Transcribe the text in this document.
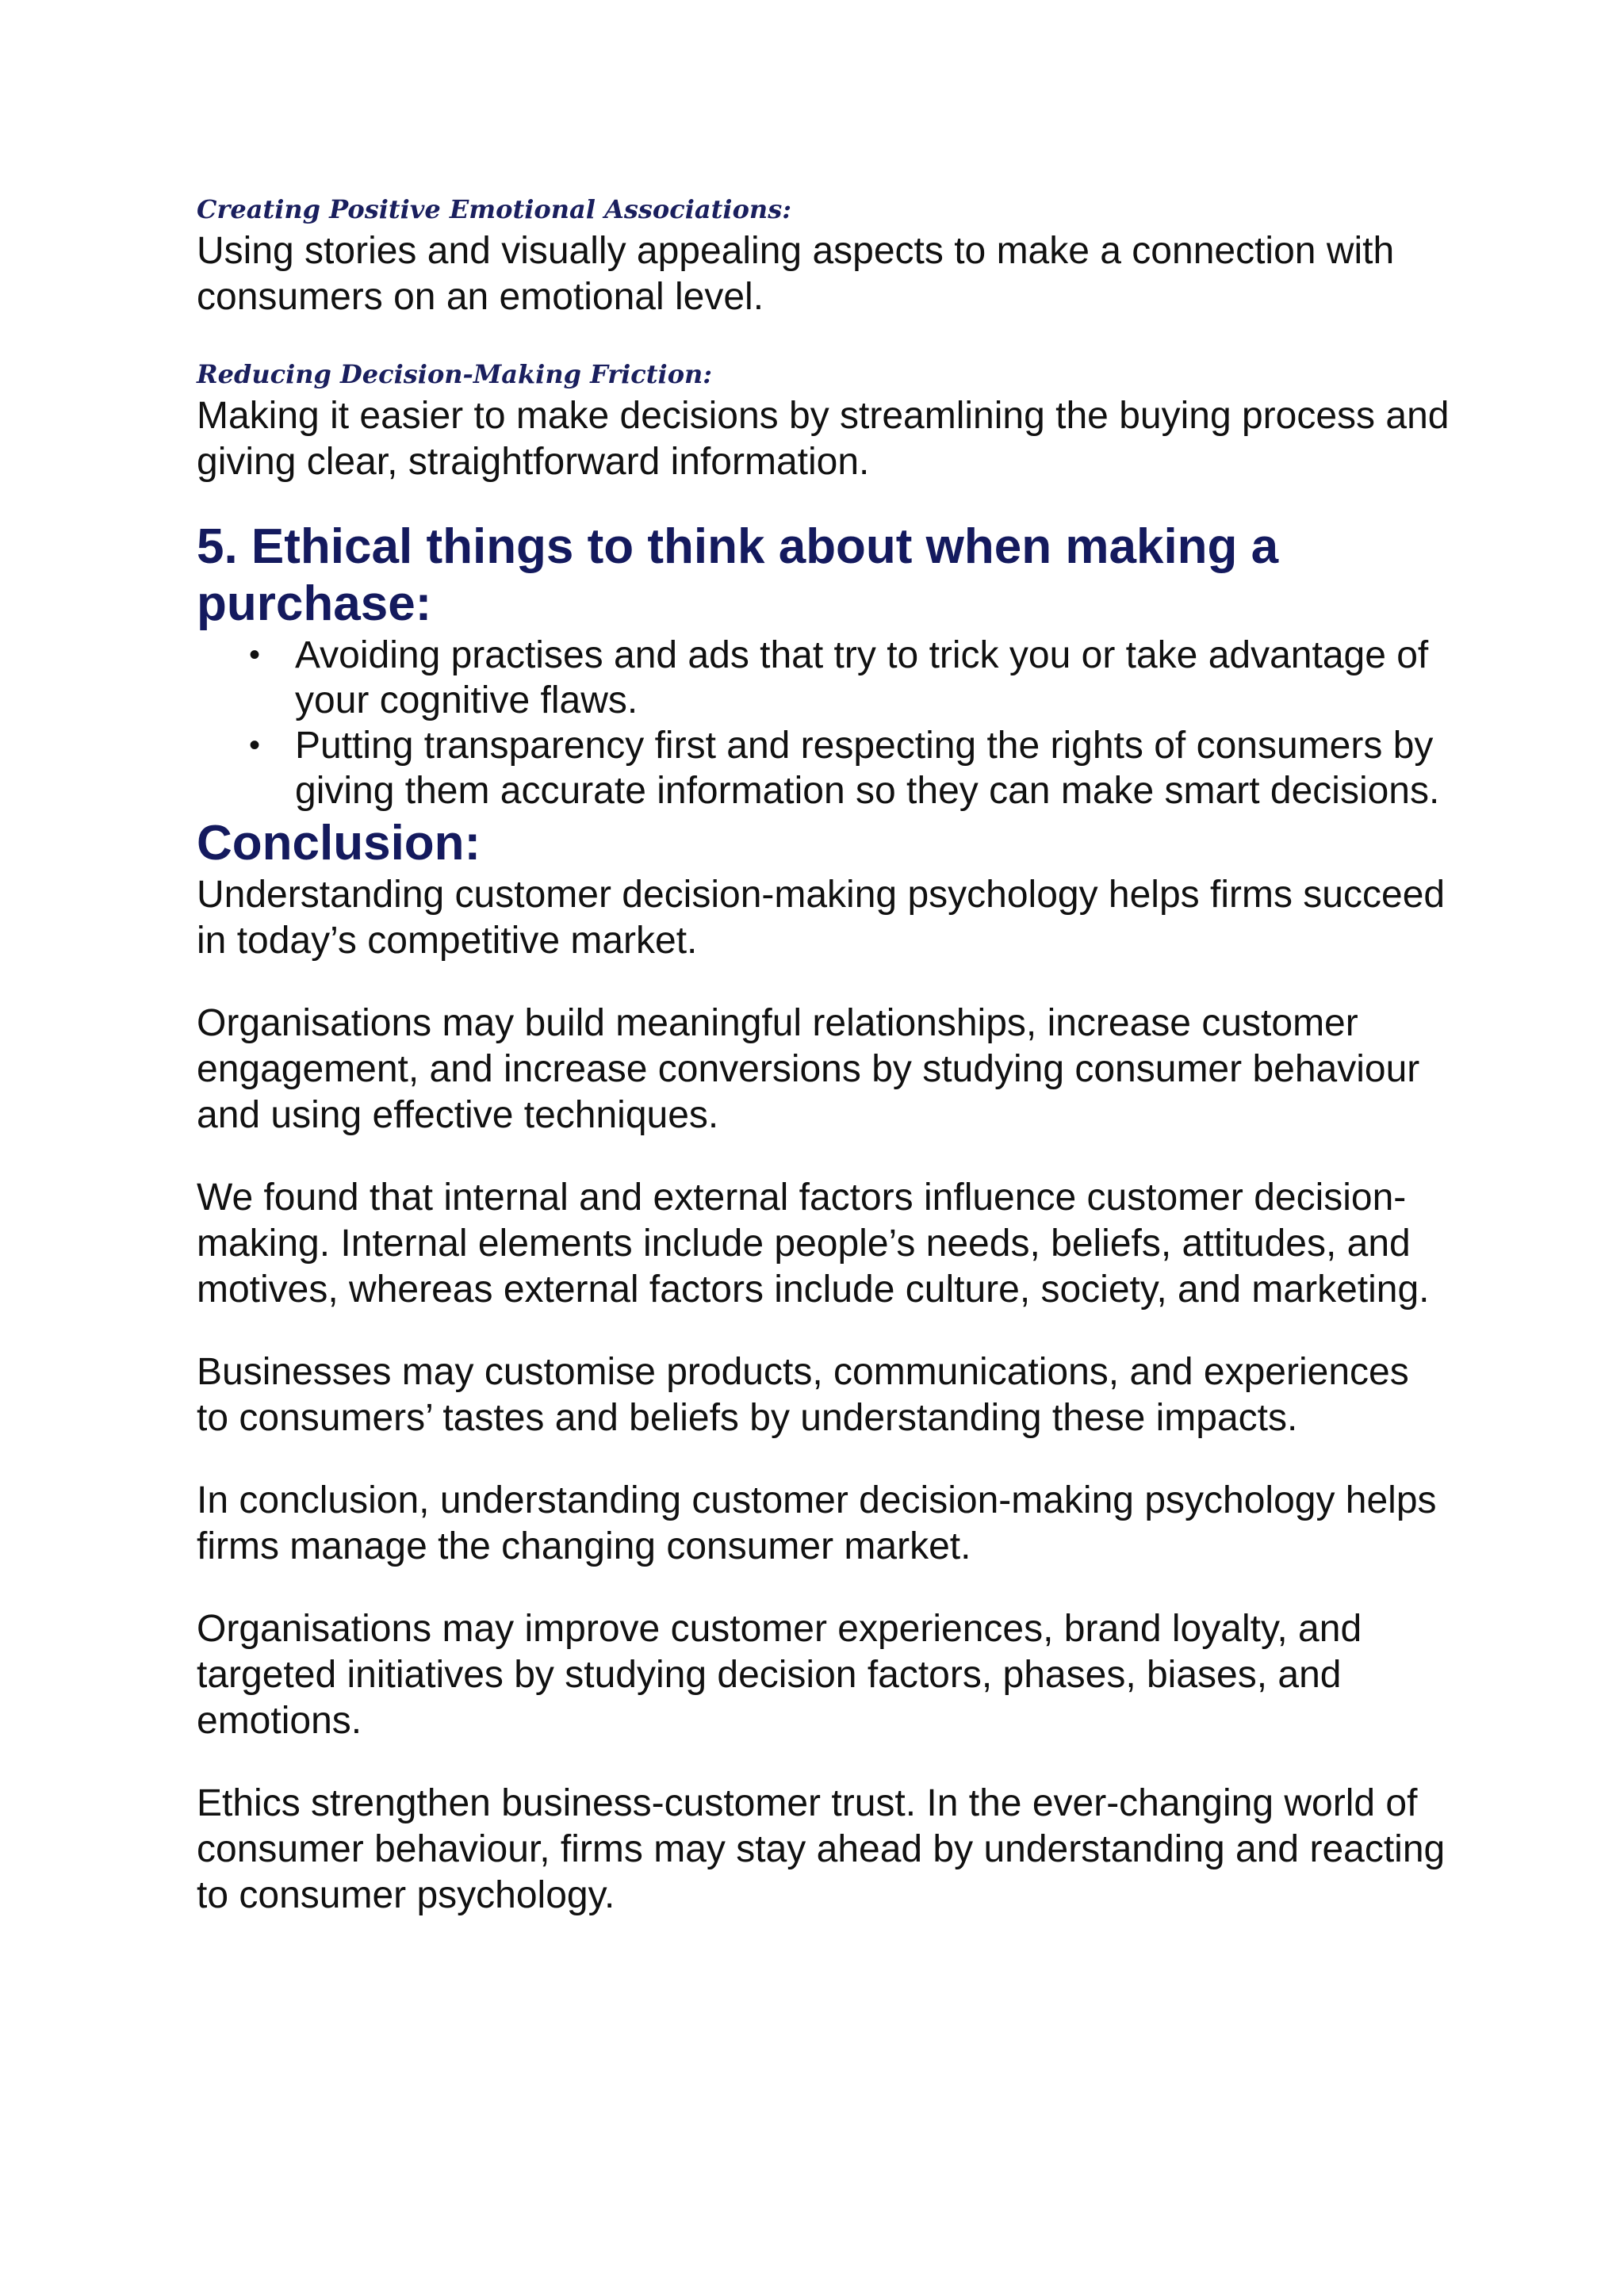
Creating Positive Emotional Associations:

Using stories and visually appealing aspects to make a connection with consumers on an emotional level.

Reducing Decision-Making Friction:

Making it easier to make decisions by streamlining the buying process and giving clear, straightforward information.

5. Ethical things to think about when making a purchase:
• Avoiding practises and ads that try to trick you or take advantage of your cognitive flaws.
• Putting transparency first and respecting the rights of consumers by giving them accurate information so they can make smart decisions.
Conclusion:

Understanding customer decision-making psychology helps firms succeed in today’s competitive market.

Organisations may build meaningful relationships, increase customer engagement, and increase conversions by studying consumer behaviour and using effective techniques.

We found that internal and external factors influence customer decision-making. Internal elements include people’s needs, beliefs, attitudes, and motives, whereas external factors include culture, society, and marketing.

Businesses may customise products, communications, and experiences to consumers’ tastes and beliefs by understanding these impacts.

In conclusion, understanding customer decision-making psychology helps firms manage the changing consumer market.

Organisations may improve customer experiences, brand loyalty, and targeted initiatives by studying decision factors, phases, biases, and emotions.

Ethics strengthen business-customer trust. In the ever-changing world of consumer behaviour, firms may stay ahead by understanding and reacting to consumer psychology.
